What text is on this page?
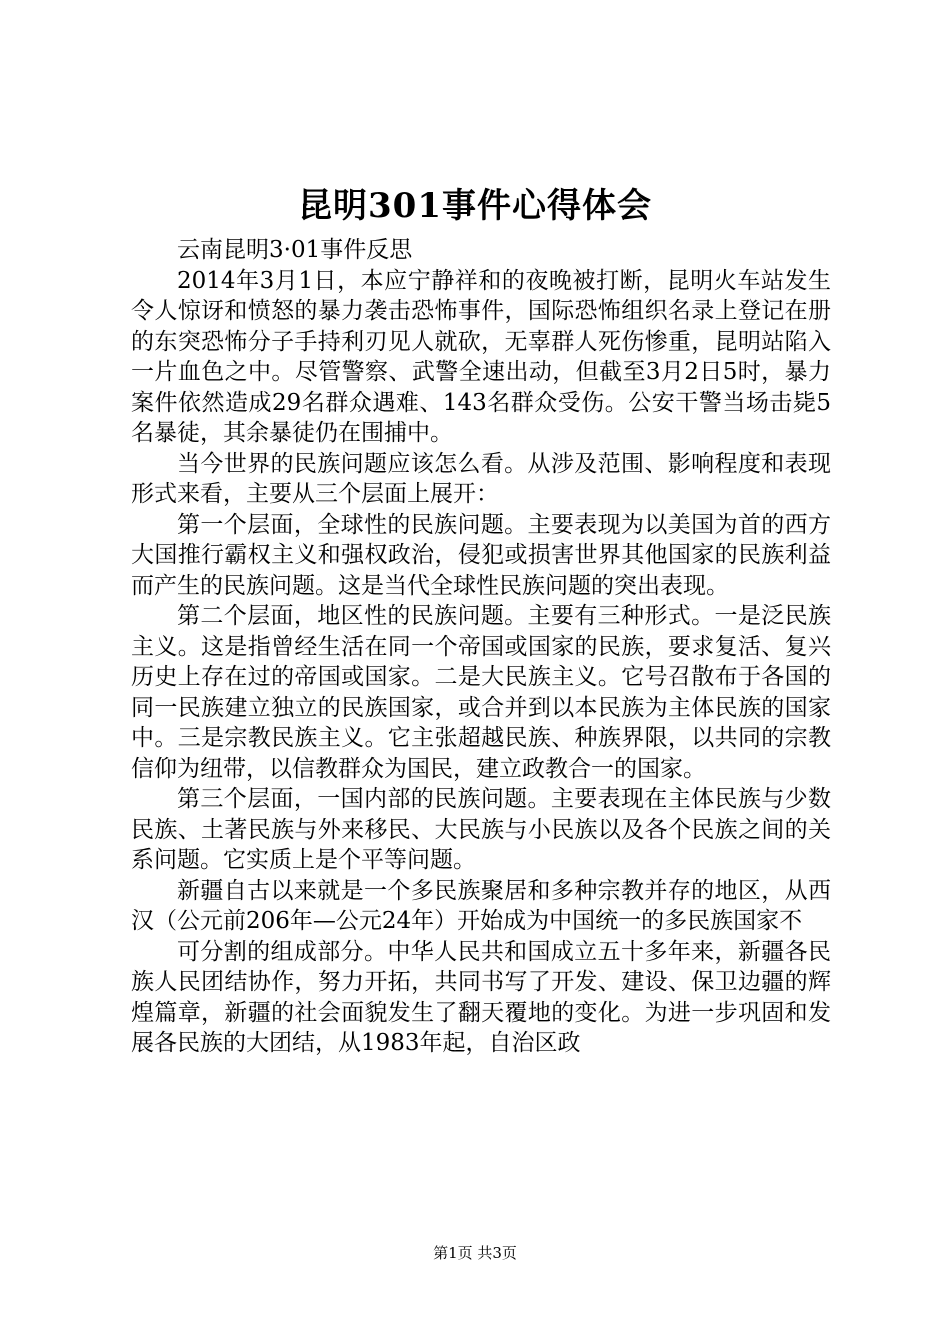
昆明301事件心得体会

云南昆明3·01事件反思

2014年3月1日，本应宁静祥和的夜晚被打断，昆明火车站发生令人惊讶和愤怒的暴力袭击恐怖事件，国际恐怖组织名录上登记在册的东突恐怖分子手持利刃见人就砍，无辜群人死伤惨重，昆明站陷入一片血色之中。尽管警察、武警全速出动，但截至3月2日5时，暴力案件依然造成29名群众遇难、143名群众受伤。公安干警当场击毙5名暴徒，其余暴徒仍在围捕中。

当今世界的民族问题应该怎么看。从涉及范围、影响程度和表现形式来看，主要从三个层面上展开：

第一个层面，全球性的民族问题。主要表现为以美国为首的西方大国推行霸权主义和强权政治，侵犯或损害世界其他国家的民族利益而产生的民族问题。这是当代全球性民族问题的突出表现。

第二个层面，地区性的民族问题。主要有三种形式。一是泛民族主义。这是指曾经生活在同一个帝国或国家的民族，要求复活、复兴历史上存在过的帝国或国家。二是大民族主义。它号召散布于各国的同一民族建立独立的民族国家，或合并到以本民族为主体民族的国家中。三是宗教民族主义。它主张超越民族、种族界限，以共同的宗教信仰为纽带，以信教群众为国民，建立政教合一的国家。

第三个层面，一国内部的民族问题。主要表现在主体民族与少数民族、土著民族与外来移民、大民族与小民族以及各个民族之间的关系问题。它实质上是个平等问题。

新疆自古以来就是一个多民族聚居和多种宗教并存的地区，从西汉（公元前206年—公元24年）开始成为中国统一的多民族国家不

可分割的组成部分。中华人民共和国成立五十多年来，新疆各民族人民团结协作，努力开拓，共同书写了开发、建设、保卫边疆的辉煌篇章，新疆的社会面貌发生了翻天覆地的变化。为进一步巩固和发展各民族的大团结，从1983年起，自治区政

第1页 共3页
